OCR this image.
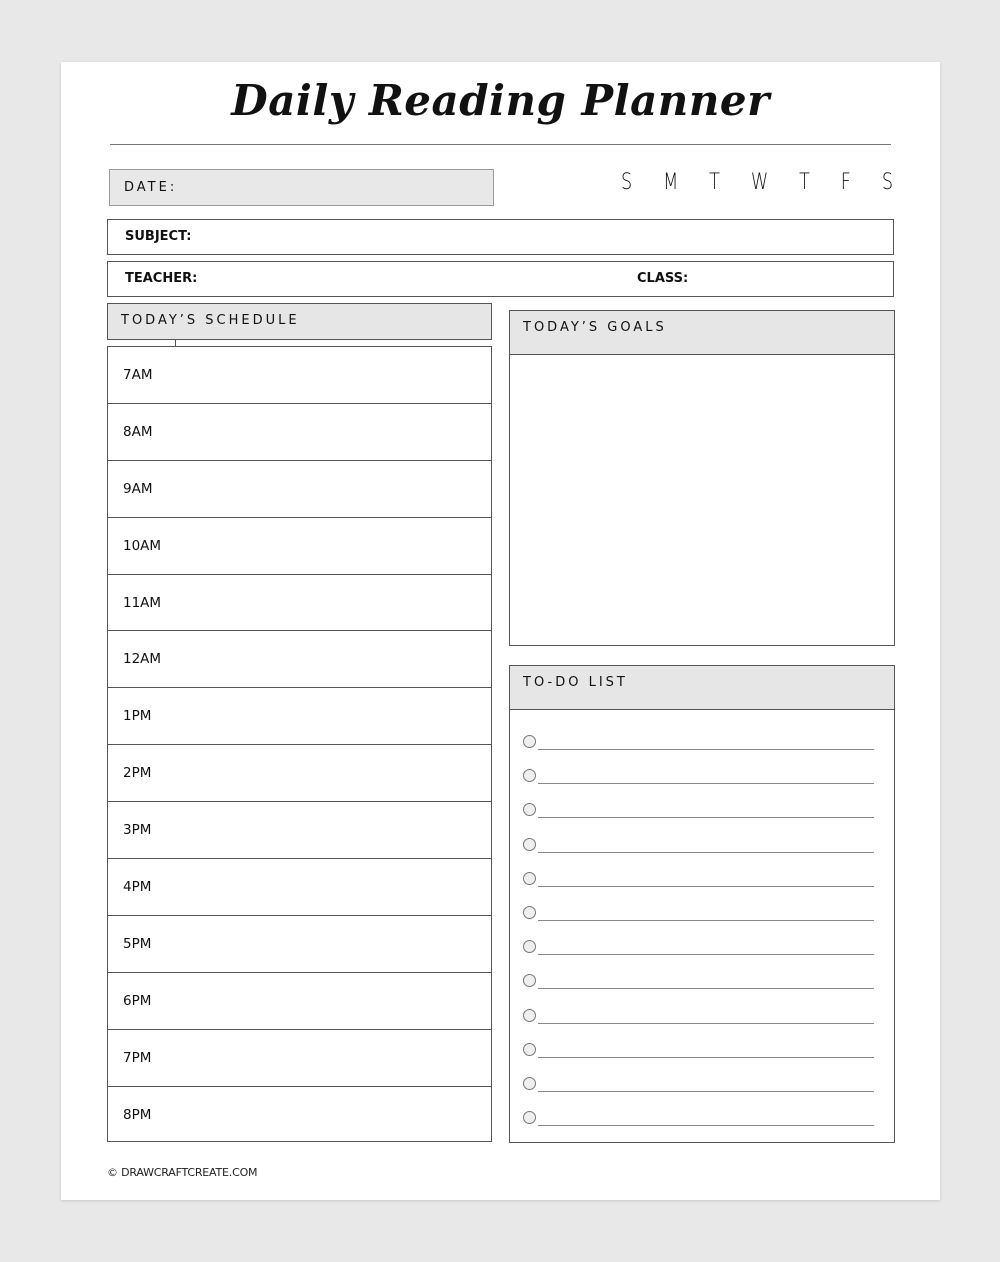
Daily Reading Planner
DATE:	S M T W T F S
SUBJECT:
TEACHER:	CLASS:
TODAY’S SCHEDULE
7AM
8AM
9AM
10AM
11AM
12AM
1PM
2PM
3PM
4PM
5PM
6PM
7PM
8PM
TODAY’S GOALS
TO-DO LIST
© DRAWCRAFTCREATE.COM
